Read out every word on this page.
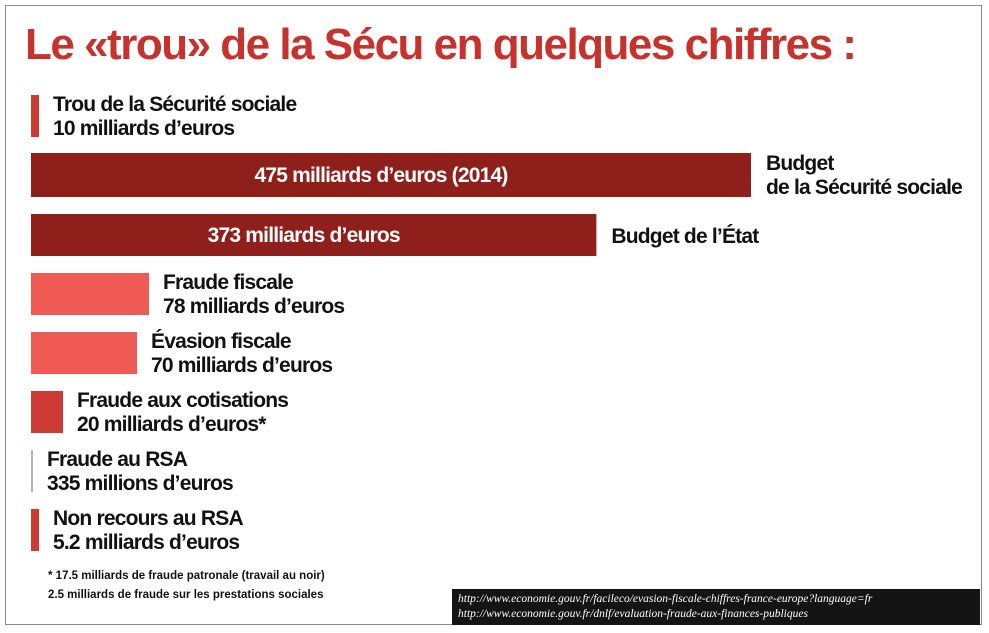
Le «trou» de la Sécu en quelques chiffres :
Trou de la Sécurité sociale
10 milliards d’euros
475 milliards d’euros (2014)
Budget
de la Sécurité sociale
373 milliards d’euros	Budget de l’État
Fraude fiscale
78 milliards d’euros
Évasion fiscale
70 milliards d’euros
Fraude aux cotisations
20 milliards d’euros*
Fraude au RSA
335 millions d’euros
Non recours au RSA
5.2 milliards d’euros

* 17.5 milliards de fraude patronale (travail au noir)

2.5 milliards de fraude sur les prestations sociales	http://www.economie.gouv.fr/facileco/evasion-fiscale-chiffres-france-europe?language=fr
http://www.economie.gouv.fr/dnlf/evaluation-fraude-aux-finances-publiques
